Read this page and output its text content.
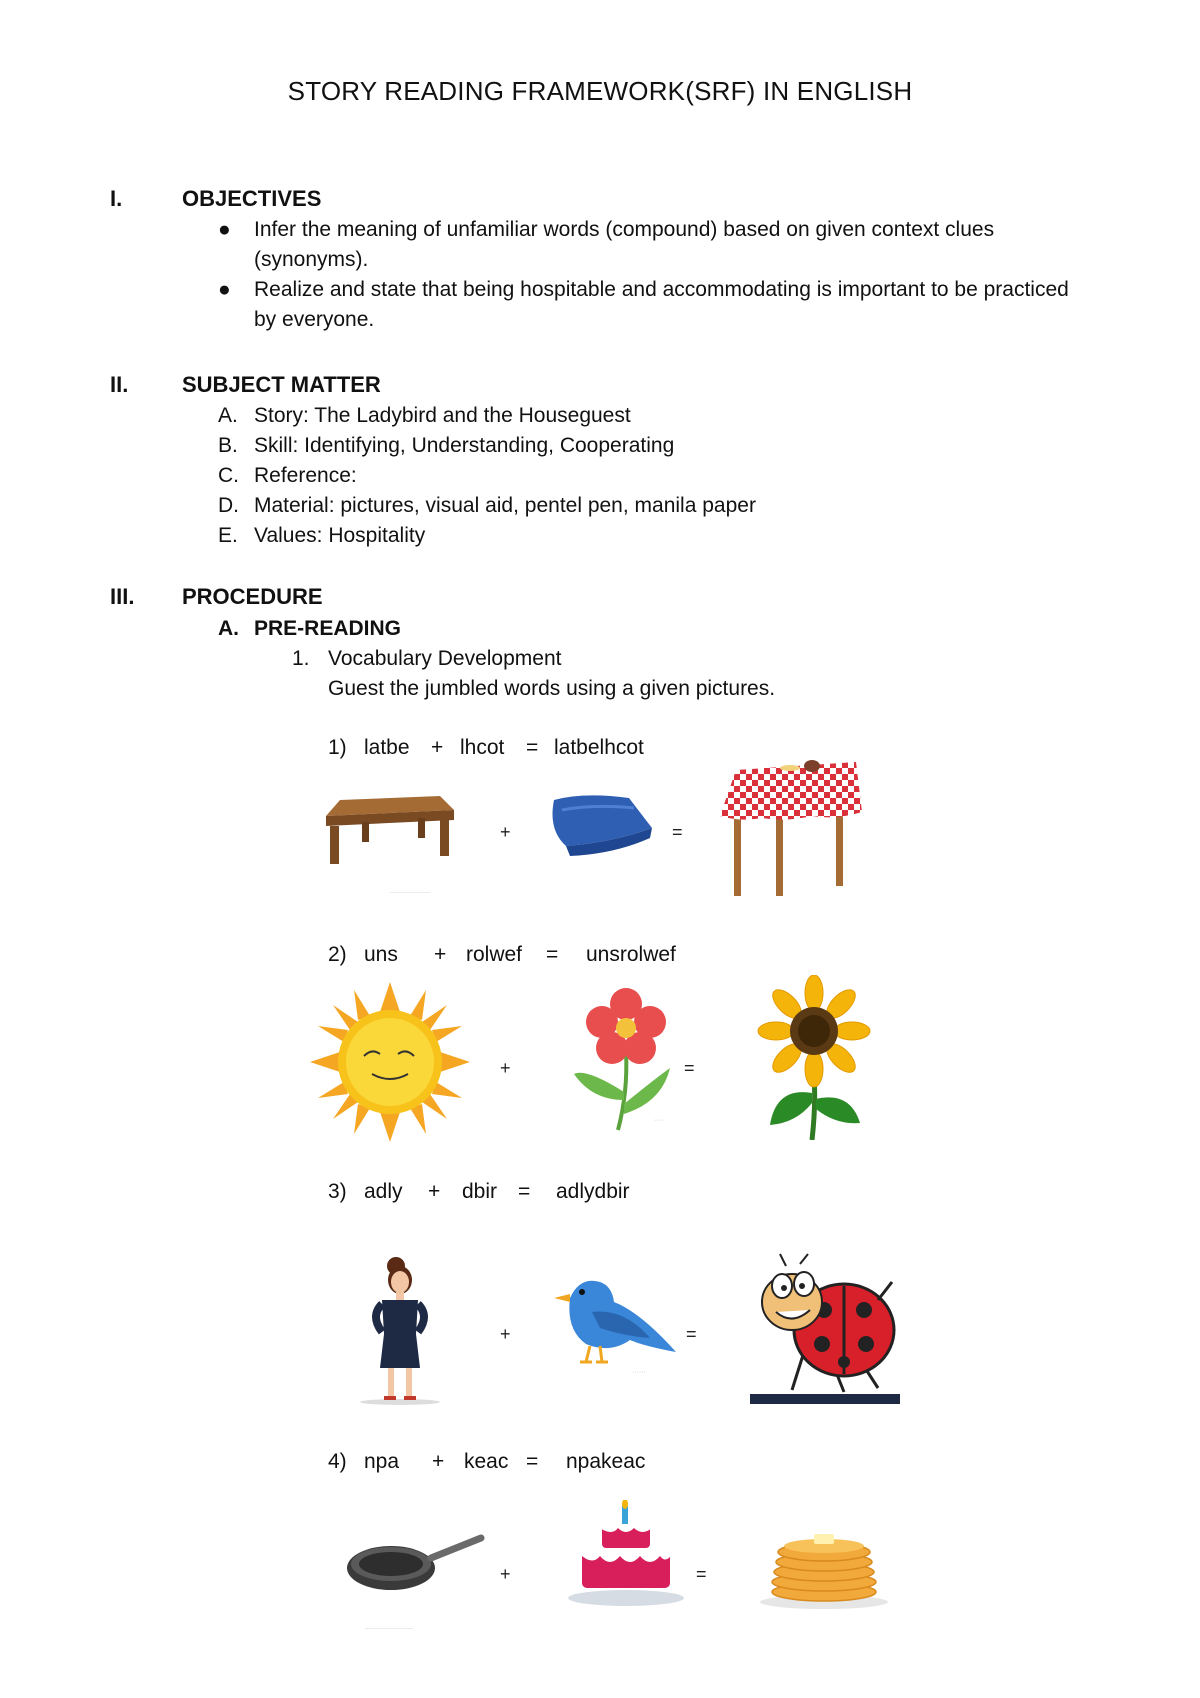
STORY READING FRAMEWORK(SRF) IN ENGLISH
I.	OBJECTIVES
● Infer the meaning of unfamiliar words (compound) based on given context clues
(synonyms).
● Realize and state that being hospitable and accommodating is important to be practiced
by everyone.
II. SUBJECT MATTER
A. Story: The Ladybird and the Houseguest
B. Skill: Identifying, Understanding, Cooperating
C. Reference:
D. Material: pictures, visual aid, pentel pen, manila paper
E. Values: Hospitality
III. PROCEDURE
A. PRE-READING
1. Vocabulary Development
Guest the jumbled words using a given pictures.
1) latbe + lhcot = latbelhcot
····················
+	=
2) uns + rolwef = unsrolwef
+
····
=
3) adly + dbir = adlydbir
+
······
=
4) npa + keac = npakeac
························
+	=
